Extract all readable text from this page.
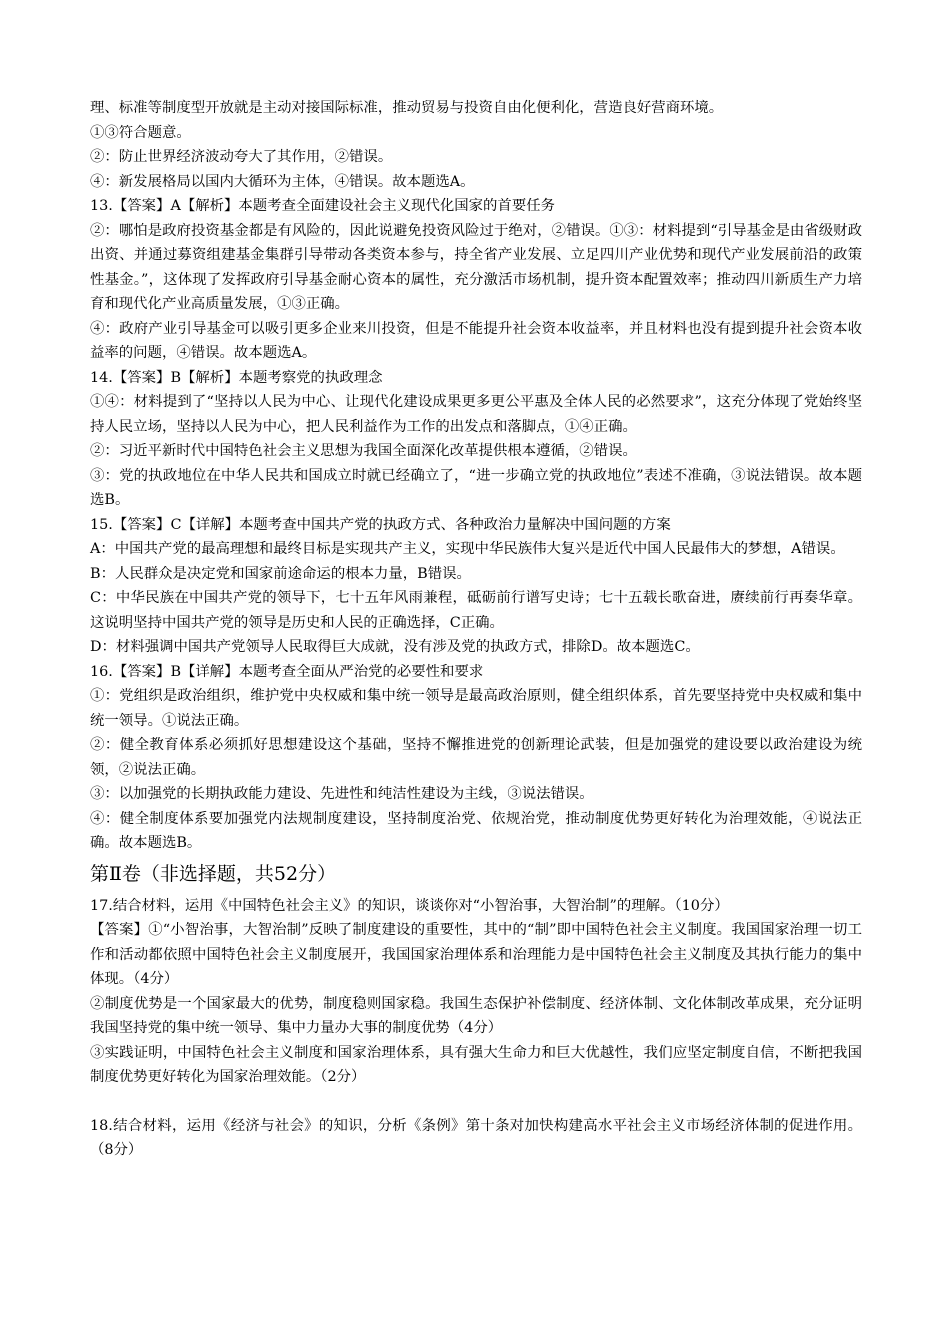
理、标准等制度型开放就是主动对接国际标准，推动贸易与投资自由化便利化，营造良好营商环境。

①③符合题意。

②：防止世界经济波动夸大了其作用，②错误。

④：新发展格局以国内大循环为主体，④错误。故本题选A。

13.【答案】A【解析】本题考查全面建设社会主义现代化国家的首要任务

②：哪怕是政府投资基金都是有风险的，因此说避免投资风险过于绝对，②错误。①③：材料提到“引导基金是由省级财政出资、并通过募资组建基金集群引导带动各类资本参与，持全省产业发展、立足四川产业优势和现代产业发展前沿的政策性基金。”，这体现了发挥政府引导基金耐心资本的属性，充分激活市场机制，提升资本配置效率；推动四川新质生产力培育和现代化产业高质量发展，①③正确。

④：政府产业引导基金可以吸引更多企业来川投资，但是不能提升社会资本收益率，并且材料也没有提到提升社会资本收益率的问题，④错误。故本题选A。

14.【答案】B【解析】本题考察党的执政理念

①④：材料提到了“坚持以人民为中心、让现代化建设成果更多更公平惠及全体人民的必然要求”，这充分体现了党始终坚持人民立场，坚持以人民为中心，把人民利益作为工作的出发点和落脚点，①④正确。

②：习近平新时代中国特色社会主义思想为我国全面深化改革提供根本遵循，②错误。

③：党的执政地位在中华人民共和国成立时就已经确立了，“进一步确立党的执政地位”表述不准确，③说法错误。故本题选B。

15.【答案】C【详解】本题考查中国共产党的执政方式、各种政治力量解决中国问题的方案

A：中国共产党的最高理想和最终目标是实现共产主义，实现中华民族伟大复兴是近代中国人民最伟大的梦想，A错误。

B：人民群众是决定党和国家前途命运的根本力量，B错误。

C：中华民族在中国共产党的领导下，七十五年风雨兼程，砥砺前行谱写史诗；七十五载长歌奋进，赓续前行再奏华章。这说明坚持中国共产党的领导是历史和人民的正确选择，C正确。

D：材料强调中国共产党领导人民取得巨大成就，没有涉及党的执政方式，排除D。故本题选C。

16.【答案】B【详解】本题考查全面从严治党的必要性和要求

①：党组织是政治组织，维护党中央权威和集中统一领导是最高政治原则，健全组织体系，首先要坚持党中央权威和集中统一领导。①说法正确。

②：健全教育体系必须抓好思想建设这个基础，坚持不懈推进党的创新理论武装，但是加强党的建设要以政治建设为统领，②说法正确。

③：以加强党的长期执政能力建设、先进性和纯洁性建设为主线，③说法错误。

④：健全制度体系要加强党内法规制度建设，坚持制度治党、依规治党，推动制度优势更好转化为治理效能，④说法正确。故本题选B。

第Ⅱ卷（非选择题，共52分）

17.结合材料，运用《中国特色社会主义》的知识，谈谈你对“小智治事，大智治制”的理解。（10分）

【答案】①“小智治事，大智治制”反映了制度建设的重要性，其中的“制”即中国特色社会主义制度。我国国家治理一切工作和活动都依照中国特色社会主义制度展开，我国国家治理体系和治理能力是中国特色社会主义制度及其执行能力的集中体现。（4分）

②制度优势是一个国家最大的优势，制度稳则国家稳。我国生态保护补偿制度、经济体制、文化体制改革成果，充分证明我国坚持党的集中统一领导、集中力量办大事的制度优势（4分）

③实践证明，中国特色社会主义制度和国家治理体系，具有强大生命力和巨大优越性，我们应坚定制度自信，不断把我国制度优势更好转化为国家治理效能。（2分）

18.结合材料，运用《经济与社会》的知识，分析《条例》第十条对加快构建高水平社会主义市场经济体制的促进作用。（8分）
